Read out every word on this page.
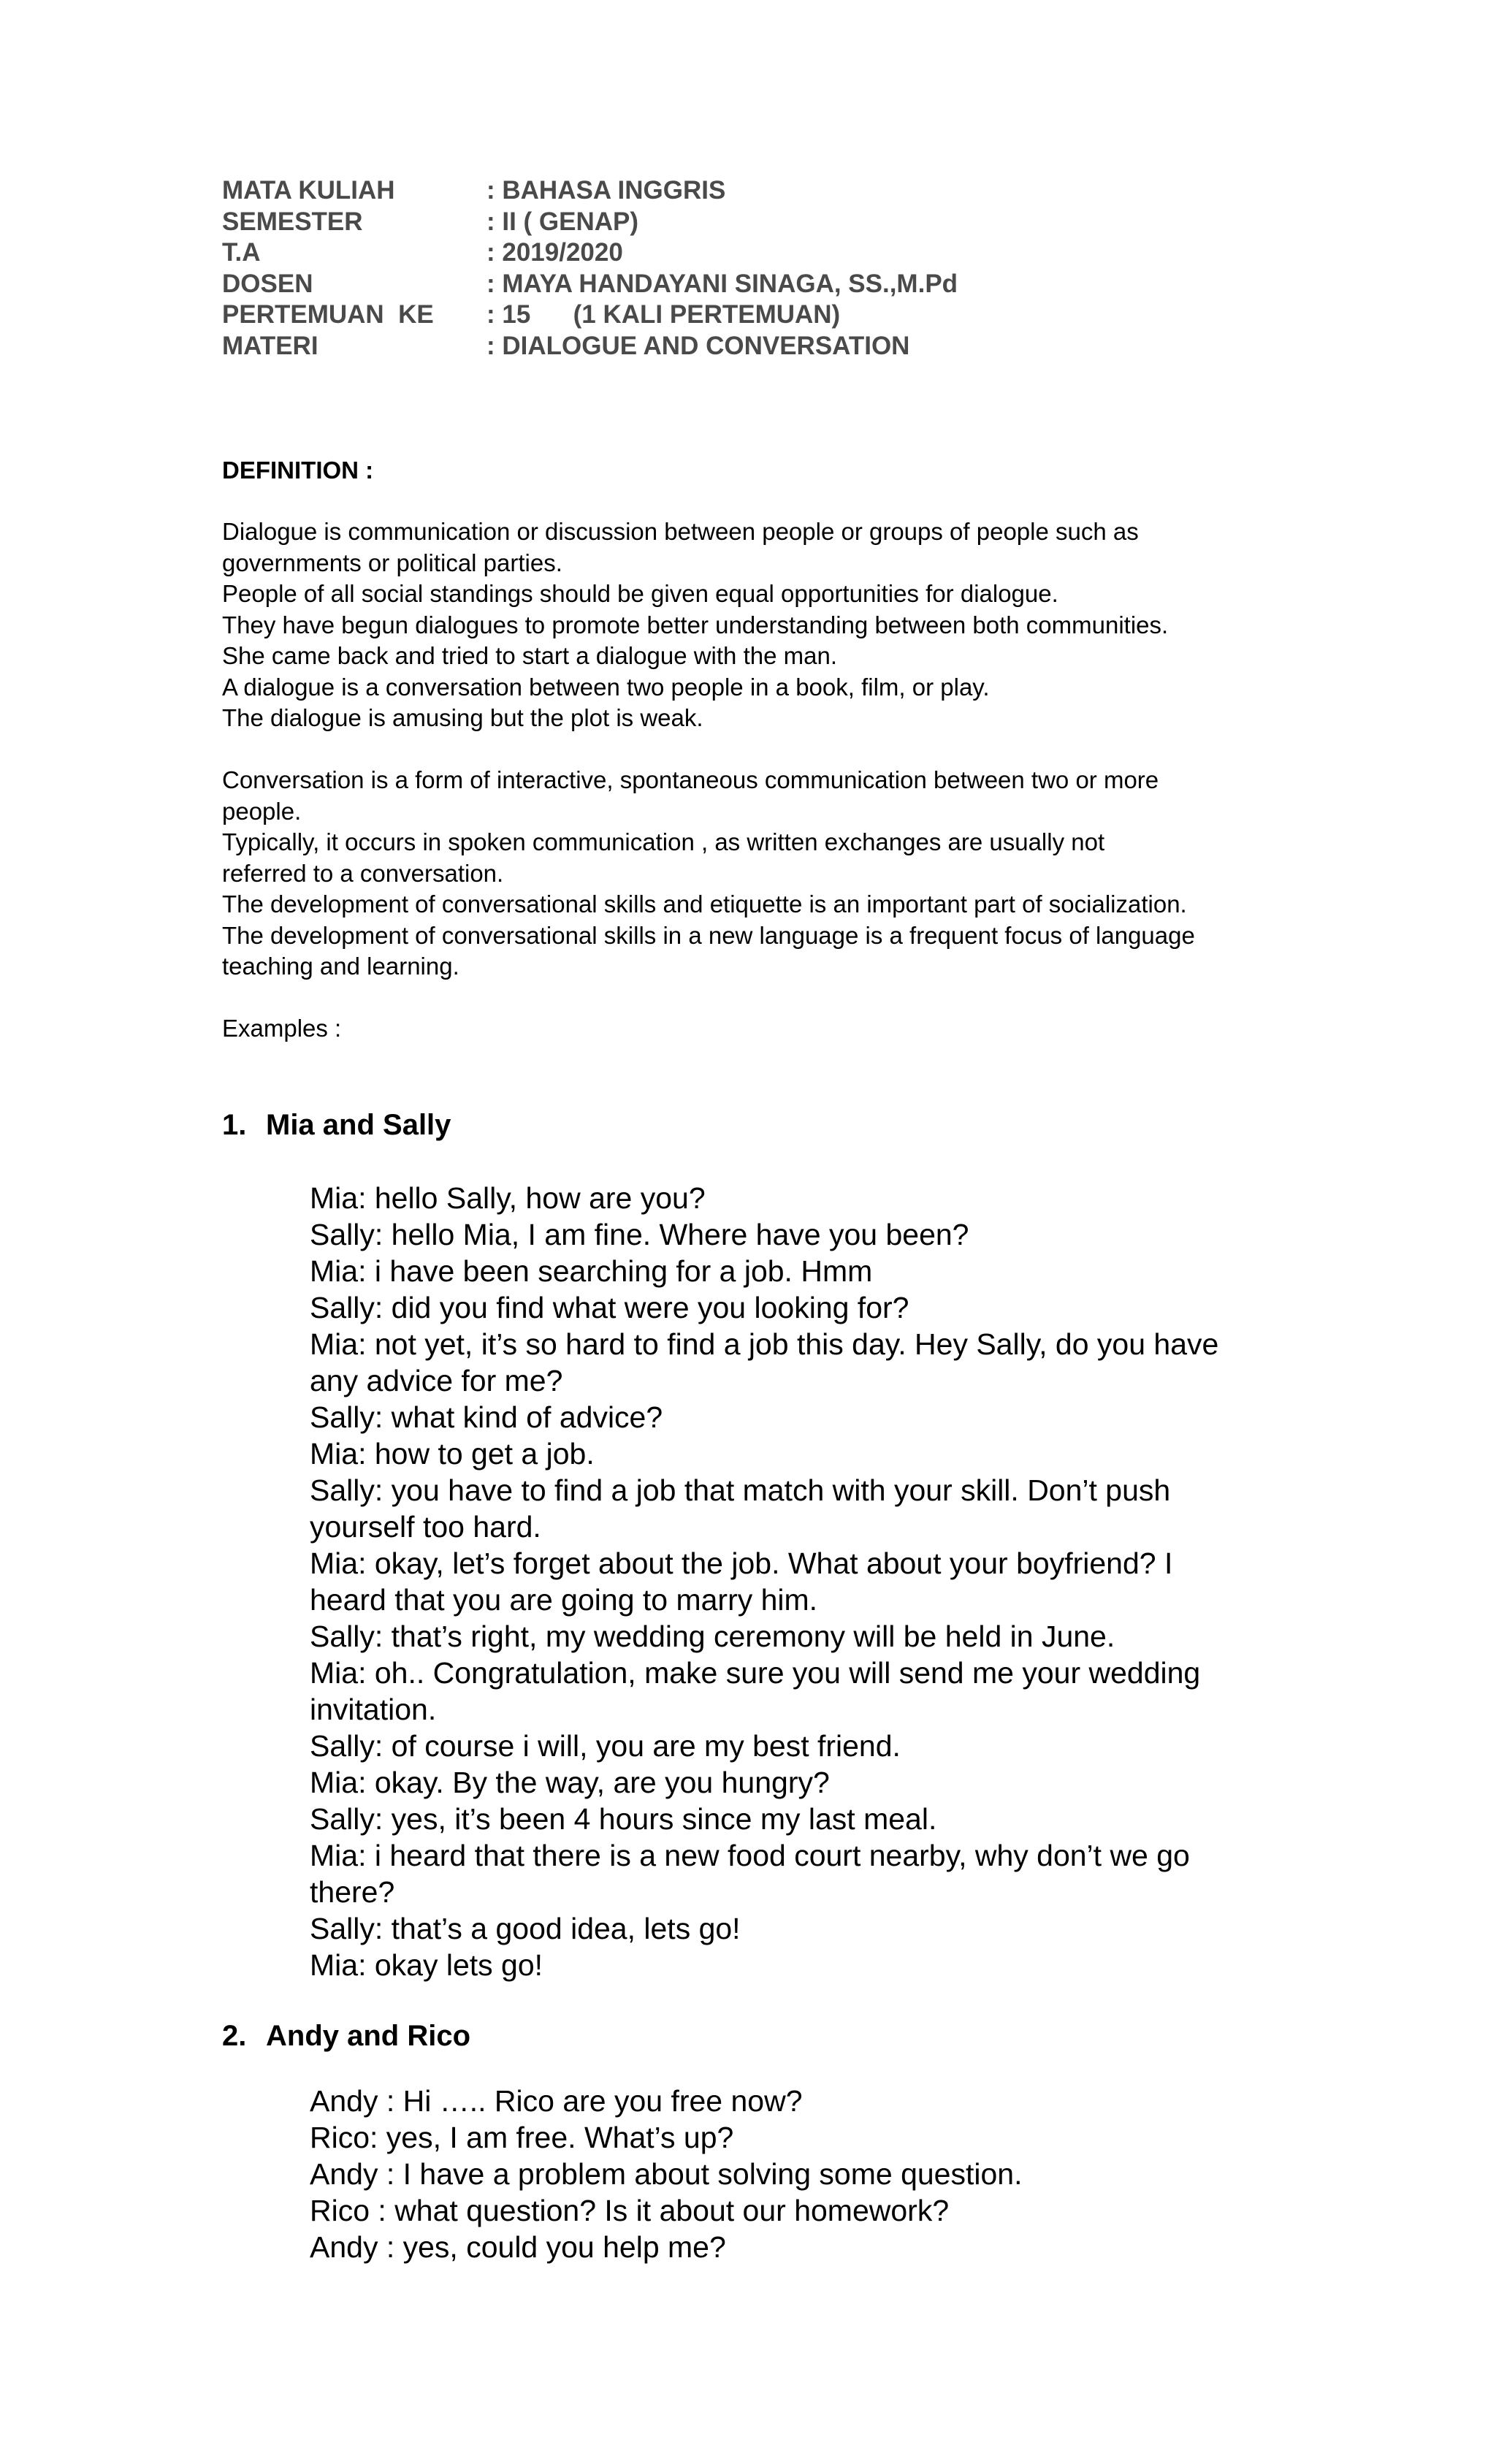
MATA KULIAH	: BAHASA INGGRIS
SEMESTER	: II ( GENAP)
T.A	: 2019/2020
DOSEN	: MAYA HANDAYANI SINAGA, SS.,M.Pd
PERTEMUAN  KE	: 15      (1 KALI PERTEMUAN)
MATERI	: DIALOGUE AND CONVERSATION
DEFINITION :
Dialogue is communication or discussion between people or groups of people such as
governments or political parties.
People of all social standings should be given equal opportunities for dialogue.
They have begun dialogues to promote better understanding between both communities.
She came back and tried to start a dialogue with the man.
A dialogue is a conversation between two people in a book, film, or play.
The dialogue is amusing but the plot is weak.
Conversation is a form of interactive, spontaneous communication between two or more
people.
Typically, it occurs in spoken communication , as written exchanges are usually not
referred to a conversation.
The development of conversational skills and etiquette is an important part of socialization.
The development of conversational skills in a new language is a frequent focus of language
teaching and learning.
Examples :
1. Mia and Sally
Mia: hello Sally, how are you?
Sally: hello Mia, I am fine. Where have you been?
Mia: i have been searching for a job. Hmm
Sally: did you find what were you looking for?
Mia: not yet, it’s so hard to find a job this day. Hey Sally, do you have
any advice for me?
Sally: what kind of advice?
Mia: how to get a job.
Sally: you have to find a job that match with your skill. Don’t push
yourself too hard.
Mia: okay, let’s forget about the job. What about your boyfriend? I
heard that you are going to marry him.
Sally: that’s right, my wedding ceremony will be held in June.
Mia: oh.. Congratulation, make sure you will send me your wedding
invitation.
Sally: of course i will, you are my best friend.
Mia: okay. By the way, are you hungry?
Sally: yes, it’s been 4 hours since my last meal.
Mia: i heard that there is a new food court nearby, why don’t we go
there?
Sally: that’s a good idea, lets go!
Mia: okay lets go!
2. Andy and Rico
Andy : Hi ….. Rico are you free now?
Rico: yes, I am free. What’s up?
Andy : I have a problem about solving some question.
Rico : what question? Is it about our homework?
Andy : yes, could you help me?
